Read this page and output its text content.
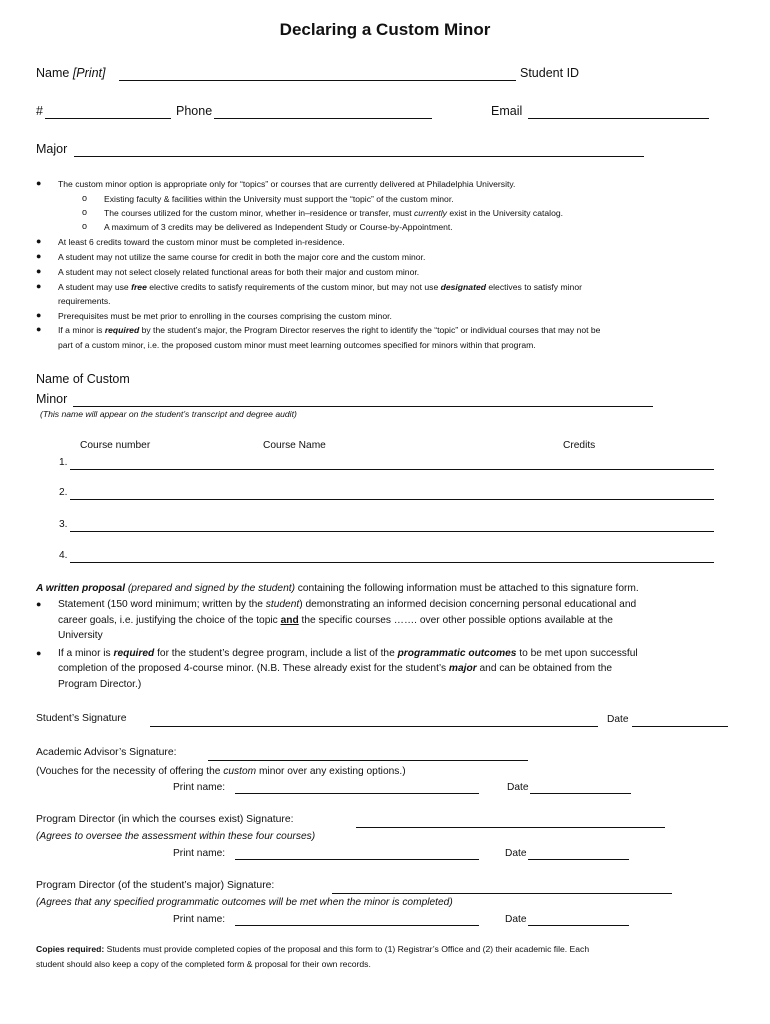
Declaring a Custom Minor
Name [Print]	Student ID
#	Phone	Email
Major
● The custom minor option is appropriate only for “topics” or courses that are currently delivered at Philadelphia University.
o Existing faculty & facilities within the University must support the “topic” of the custom minor.
o The courses utilized for the custom minor, whether in–residence or transfer, must currently exist in the University catalog.
o A maximum of 3 credits may be delivered as Independent Study or Course-by-Appointment.
● At least 6 credits toward the custom minor must be completed in-residence.
● A student may not utilize the same course for credit in both the major core and the custom minor.
● A student may not select closely related functional areas for both their major and custom minor.
● A student may use free elective credits to satisfy requirements of the custom minor, but may not use designated electives to satisfy minor
requirements.
● Prerequisites must be met prior to enrolling in the courses comprising the custom minor.
● If a minor is required by the student’s major, the Program Director reserves the right to identify the “topic” or individual courses that may not be
part of a custom minor, i.e. the proposed custom minor must meet learning outcomes specified for minors within that program.
Name of Custom
Minor
(This name will appear on the student’s transcript and degree audit)
Course number	Course Name	Credits
1.
2.
3.
4.
A written proposal (prepared and signed by the student) containing the following information must be attached to this signature form.
● Statement (150 word minimum; written by the student) demonstrating an informed decision concerning personal educational and
career goals, i.e. justifying the choice of the topic and the specific courses ……. over other possible options available at the
University
● If a minor is required for the student’s degree program, include a list of the programmatic outcomes to be met upon successful
completion of the proposed 4-course minor. (N.B. These already exist for the student’s major and can be obtained from the
Program Director.)
Student’s Signature	Date
Academic Advisor’s Signature:
(Vouches for the necessity of offering the custom minor over any existing options.)
Print name:	Date
Program Director (in which the courses exist) Signature:
(Agrees to oversee the assessment within these four courses)
Print name:	Date
Program Director (of the student’s major) Signature:
(Agrees that any specified programmatic outcomes will be met when the minor is completed)
Print name:	Date
Copies required: Students must provide completed copies of the proposal and this form to (1) Registrar’s Office and (2) their academic file. Each
student should also keep a copy of the completed form & proposal for their own records.
